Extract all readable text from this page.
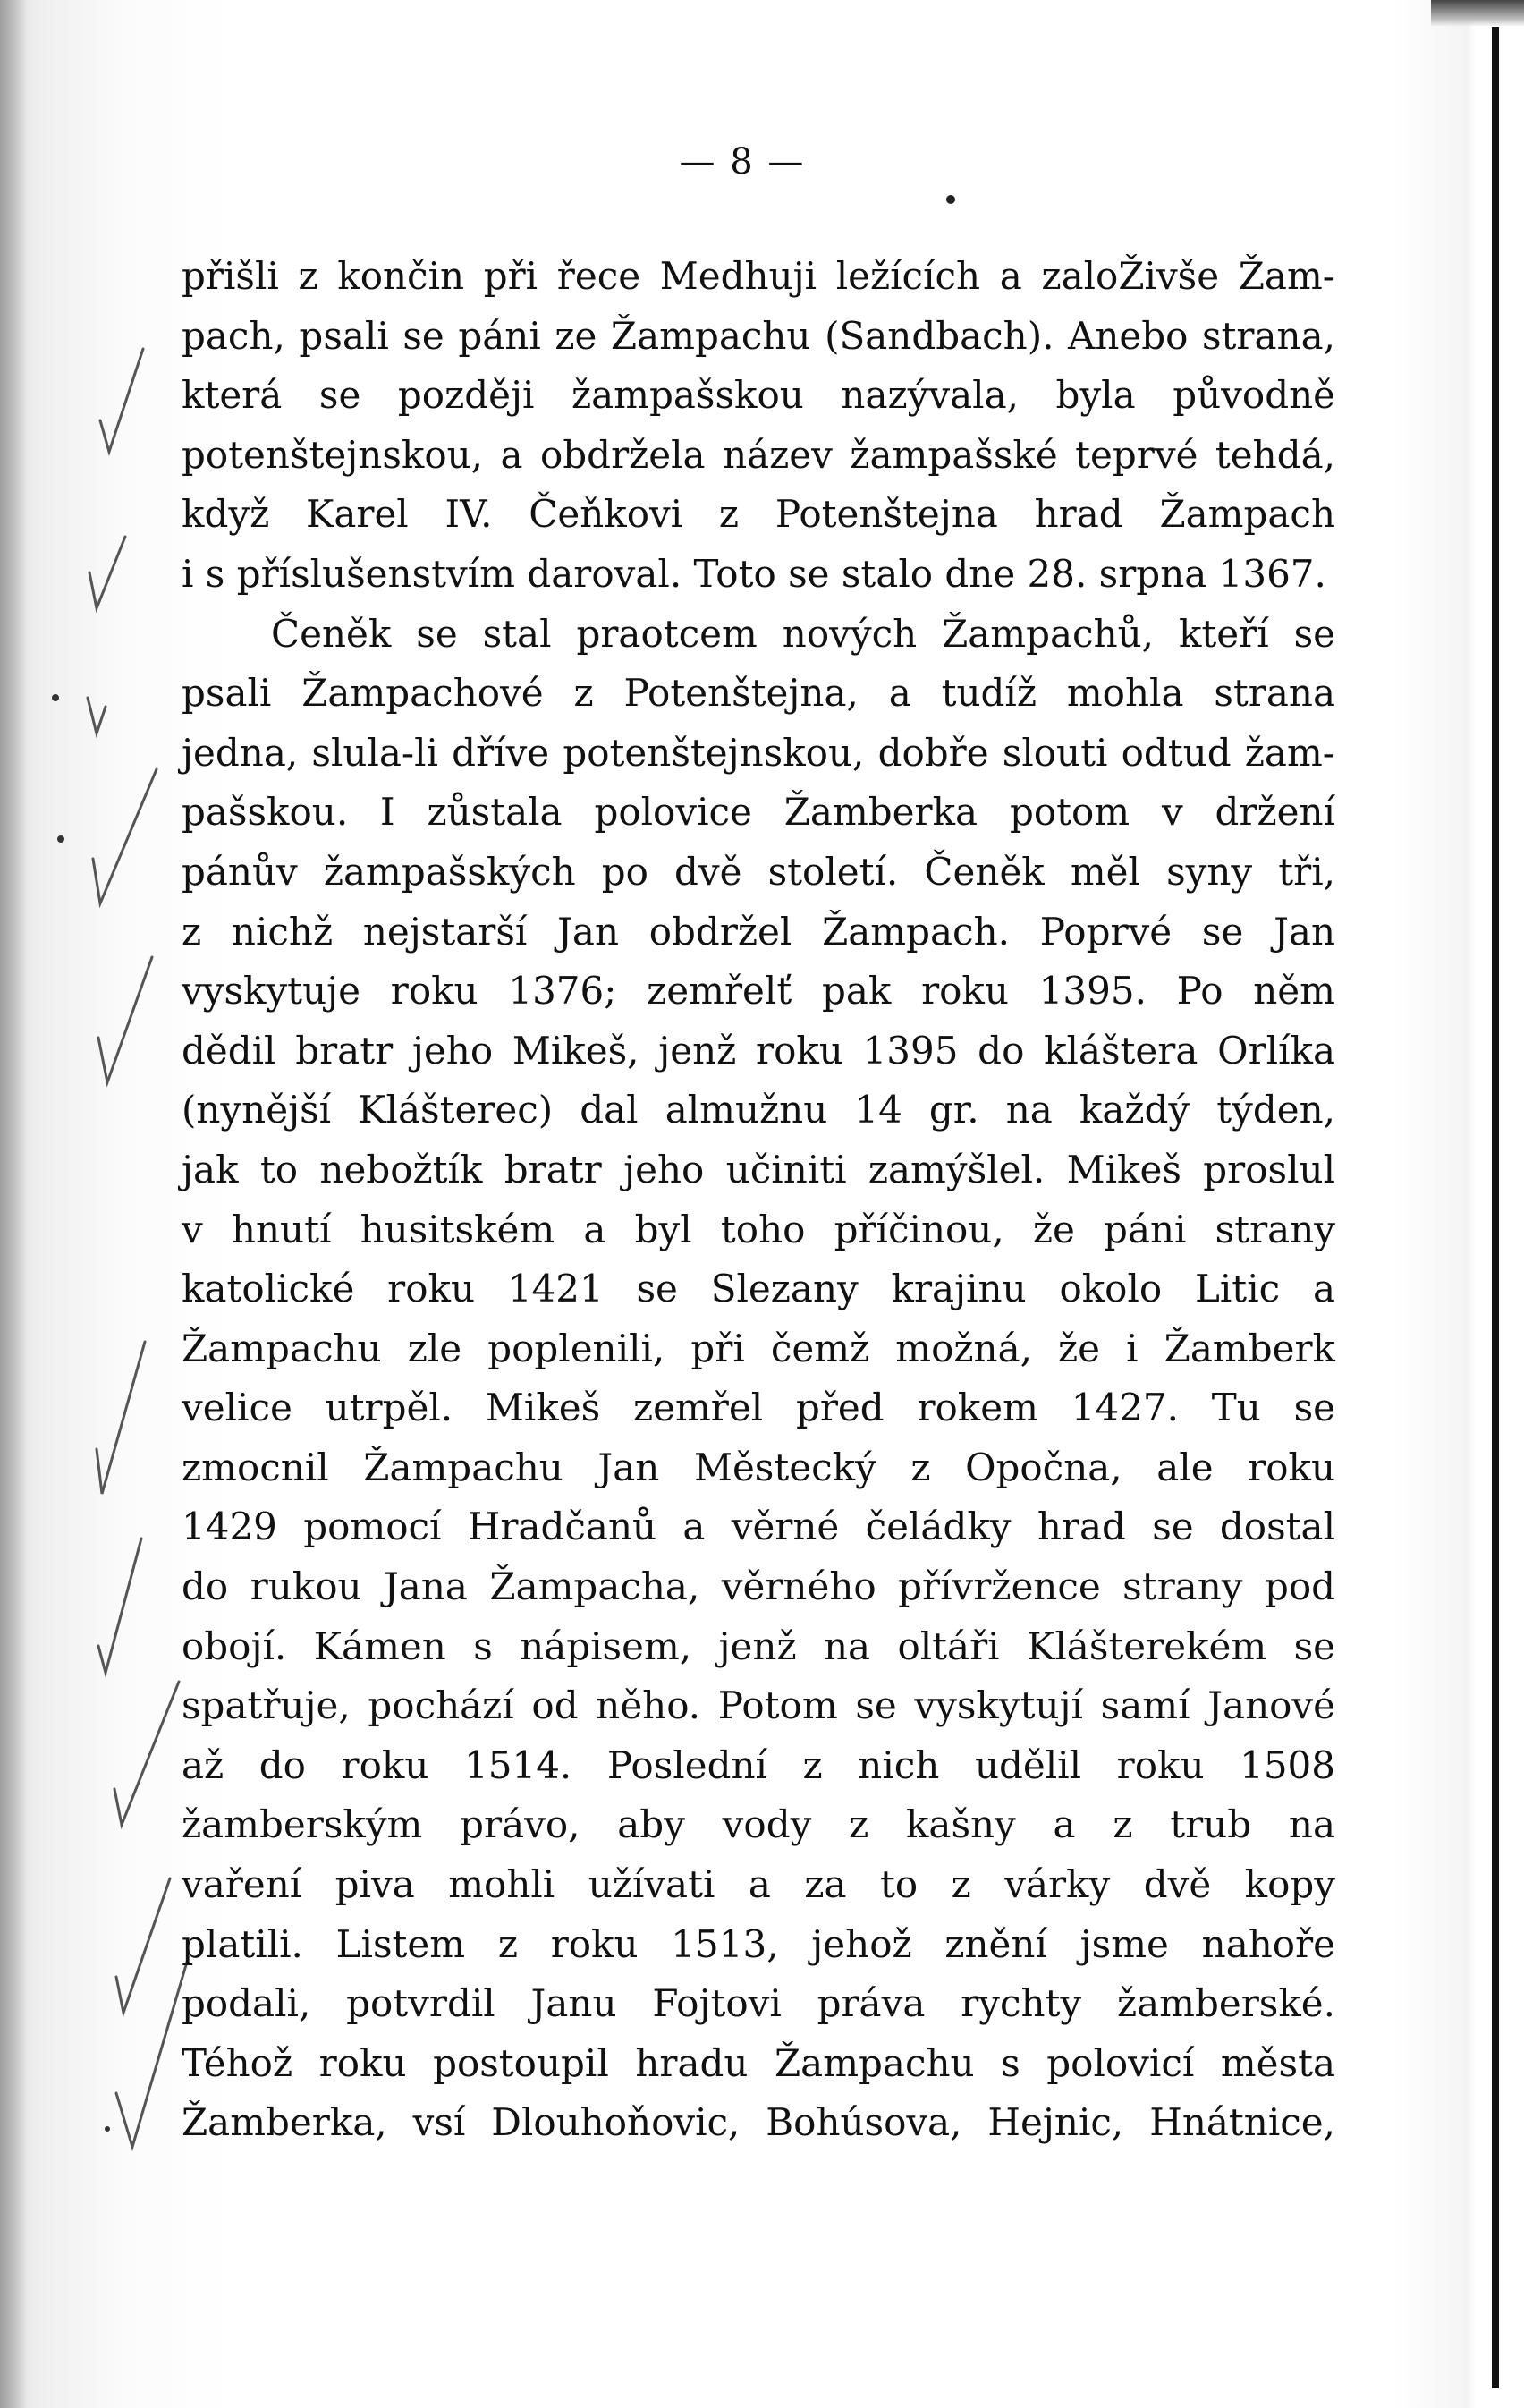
— 8 —
přišli z končin při řece Medhuji ležících a zaloŽivše Žam-
pach, psali se páni ze Žampachu (Sandbach). Anebo strana,
která se později žampašskou nazývala, byla původně
potenštejnskou, a obdržela název žampašské teprvé tehdá,
když Karel IV. Čeňkovi z Potenštejna hrad Žampach
i s příslušenstvím daroval. Toto se stalo dne 28. srpna 1367.
Čeněk se stal praotcem nových Žampachů, kteří se
psali Žampachové z Potenštejna, a tudíž mohla strana
jedna, slula-li dříve potenštejnskou, dobře slouti odtud žam-
pašskou. I zůstala polovice Žamberka potom v držení
pánův žampašských po dvě století. Čeněk měl syny tři,
z nichž nejstarší Jan obdržel Žampach. Poprvé se Jan
vyskytuje roku 1376; zemřelť pak roku 1395. Po něm
dědil bratr jeho Mikeš, jenž roku 1395 do kláštera Orlíka
(nynější Klášterec) dal almužnu 14 gr. na každý týden,
jak to nebožtík bratr jeho učiniti zamýšlel. Mikeš proslul
v hnutí husitském a byl toho příčinou, že páni strany
katolické roku 1421 se Slezany krajinu okolo Litic a
Žampachu zle poplenili, při čemž možná, že i Žamberk
velice utrpěl. Mikeš zemřel před rokem 1427. Tu se
zmocnil Žampachu Jan Městecký z Opočna, ale roku
1429 pomocí Hradčanů a věrné čeládky hrad se dostal
do rukou Jana Žampacha, věrného přívržence strany pod
obojí. Kámen s nápisem, jenž na oltáři Klášterekém se
spatřuje, pochází od něho. Potom se vyskytují samí Janové
až do roku 1514. Poslední z nich udělil roku 1508
žamberským právo, aby vody z kašny a z trub na
vaření piva mohli užívati a za to z várky dvě kopy
platili. Listem z roku 1513, jehož znění jsme nahoře
podali, potvrdil Janu Fojtovi práva rychty žamberské.
Téhož roku postoupil hradu Žampachu s polovicí města
Žamberka, vsí Dlouhoňovic, Bohúsova, Hejnic, Hnátnice,
